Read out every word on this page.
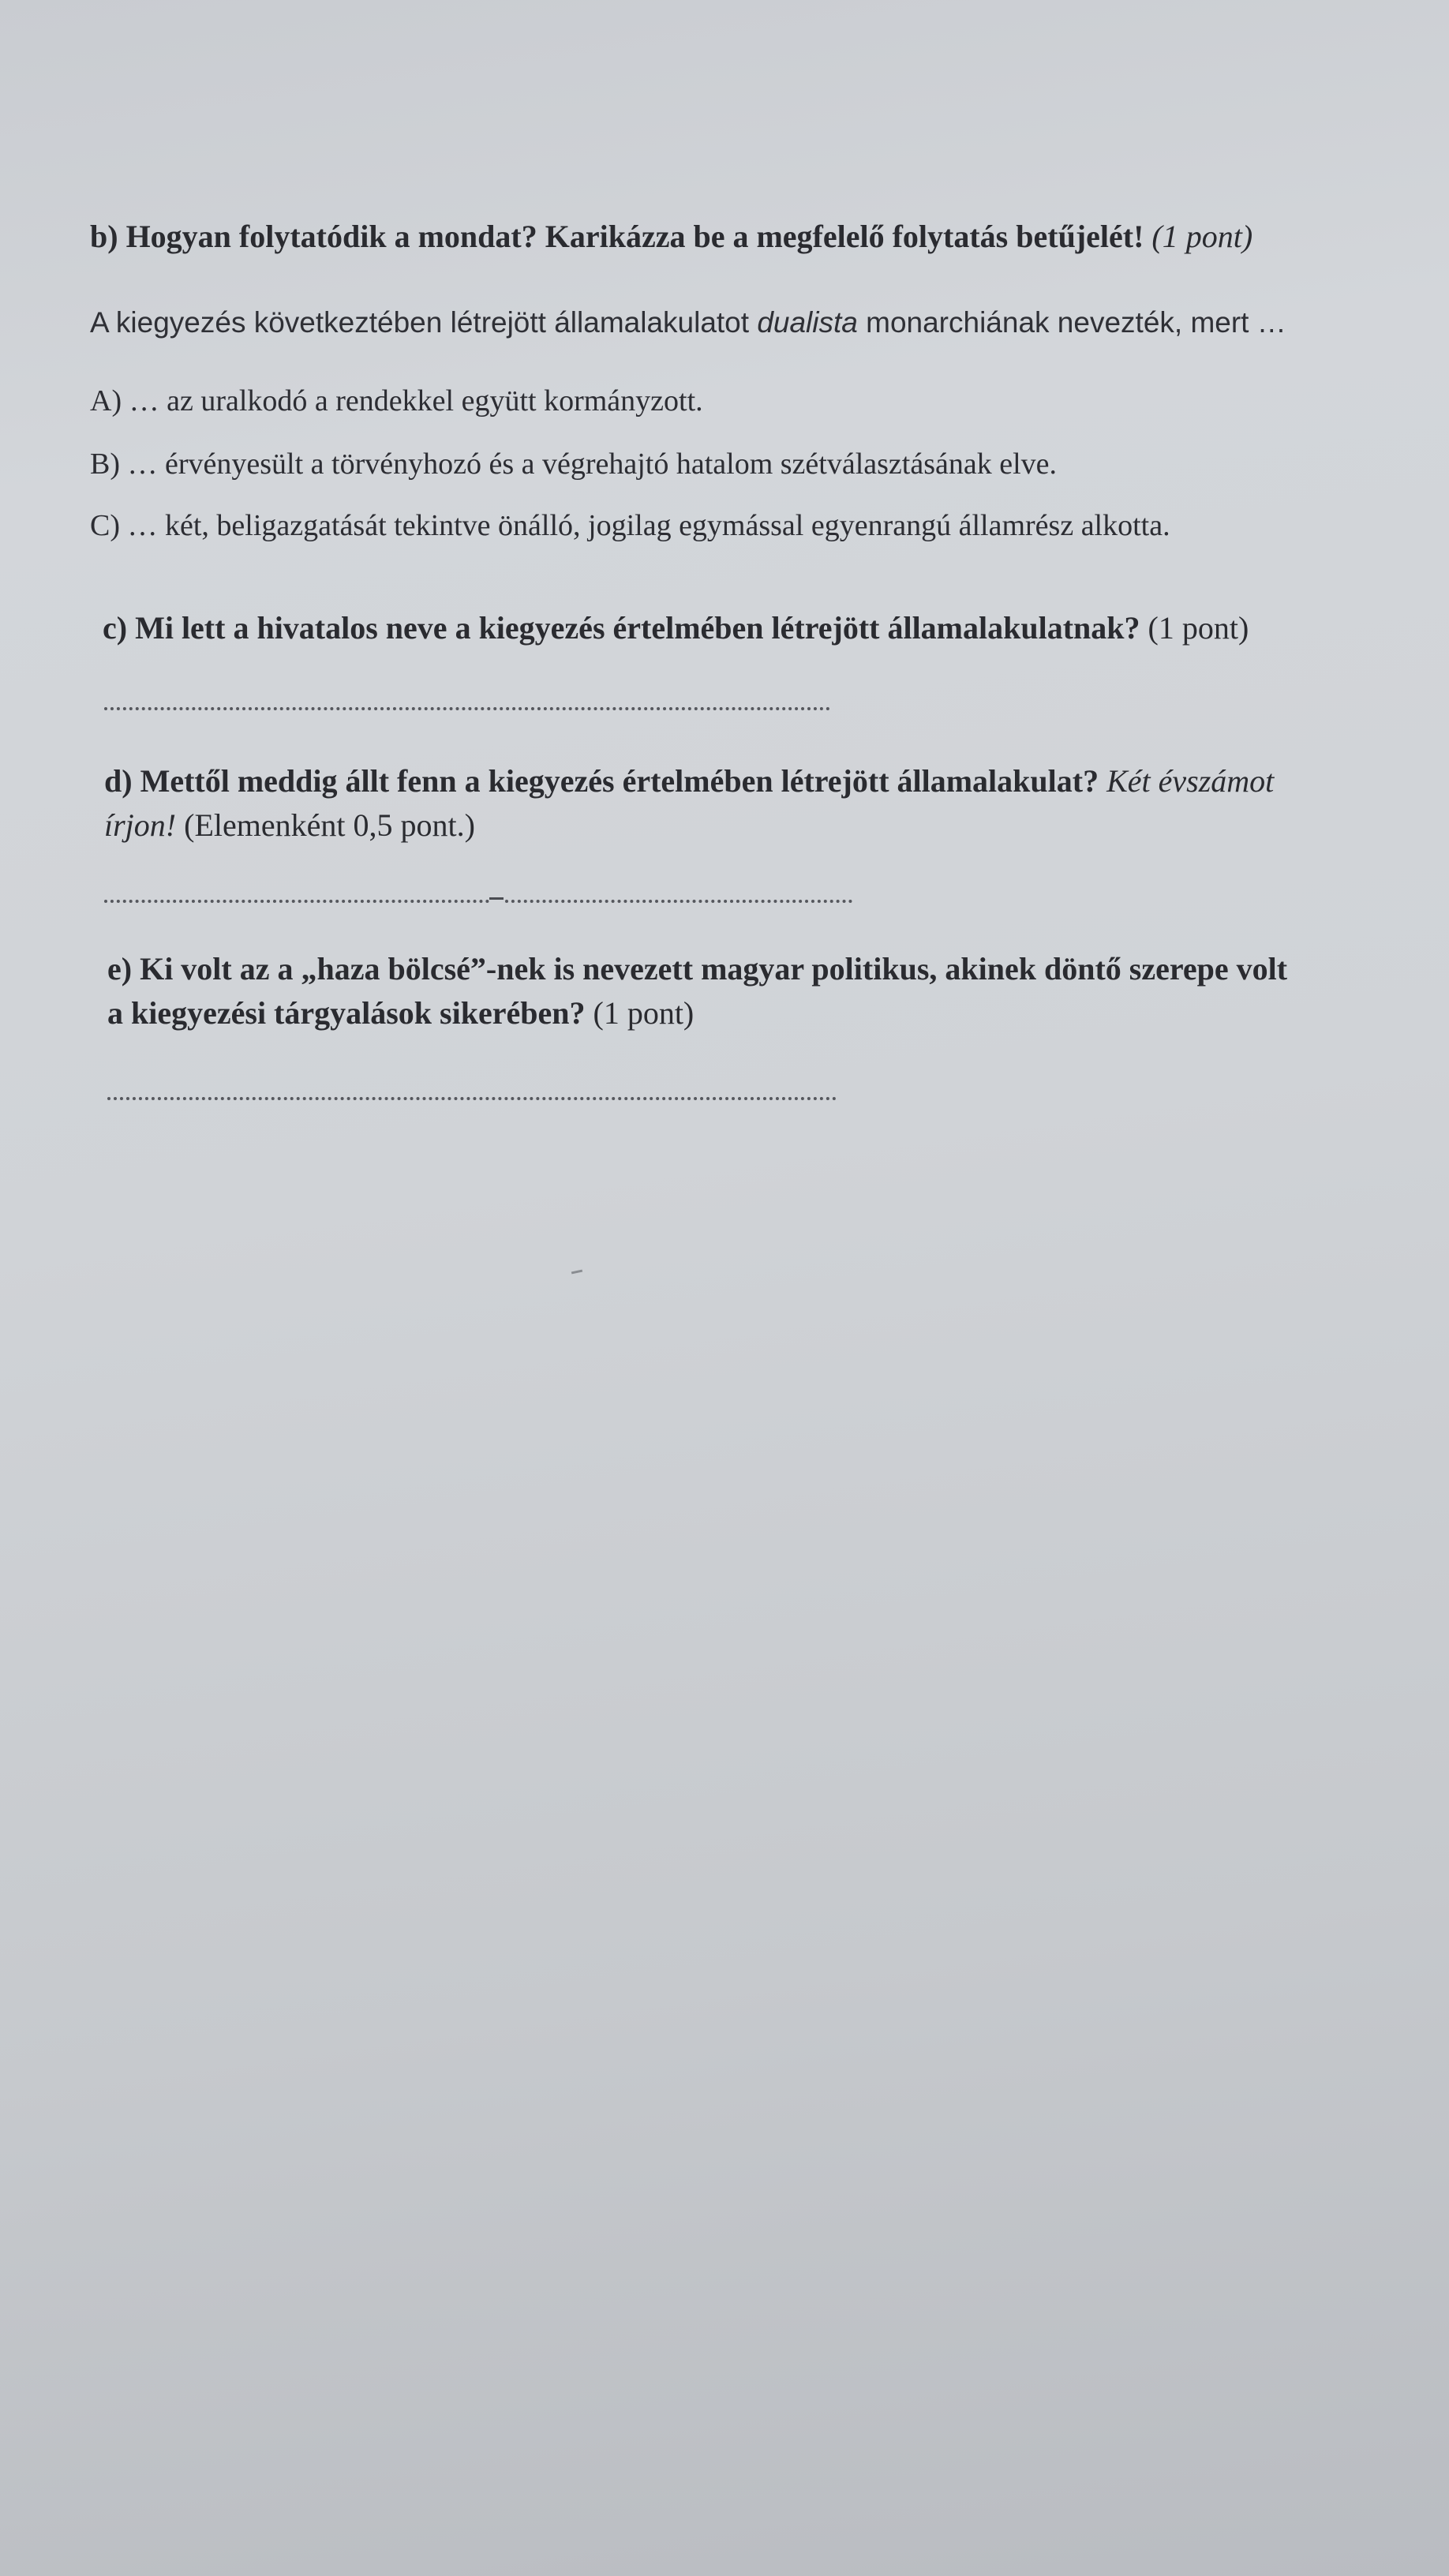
b) Hogyan folytatódik a mondat? Karikázza be a megfelelő folytatás betűjelét! (1 pont)
A kiegyezés következtében létrejött államalakulatot dualista monarchiának nevezték, mert …
A) … az uralkodó a rendekkel együtt kormányzott.
B) … érvényesült a törvényhozó és a végrehajtó hatalom szétválasztásának elve.
C) … két, beligazgatását tekintve önálló, jogilag egymással egyenrangú államrész alkotta.
c) Mi lett a hivatalos neve a kiegyezés értelmében létrejött államalakulatnak? (1 pont)
d) Mettől meddig állt fenn a kiegyezés értelmében létrejött államalakulat? Két évszámot
írjon! (Elemenként 0,5 pont.)
e) Ki volt az a „haza bölcsé”-nek is nevezett magyar politikus, akinek döntő szerepe volt
a kiegyezési tárgyalások sikerében? (1 pont)
